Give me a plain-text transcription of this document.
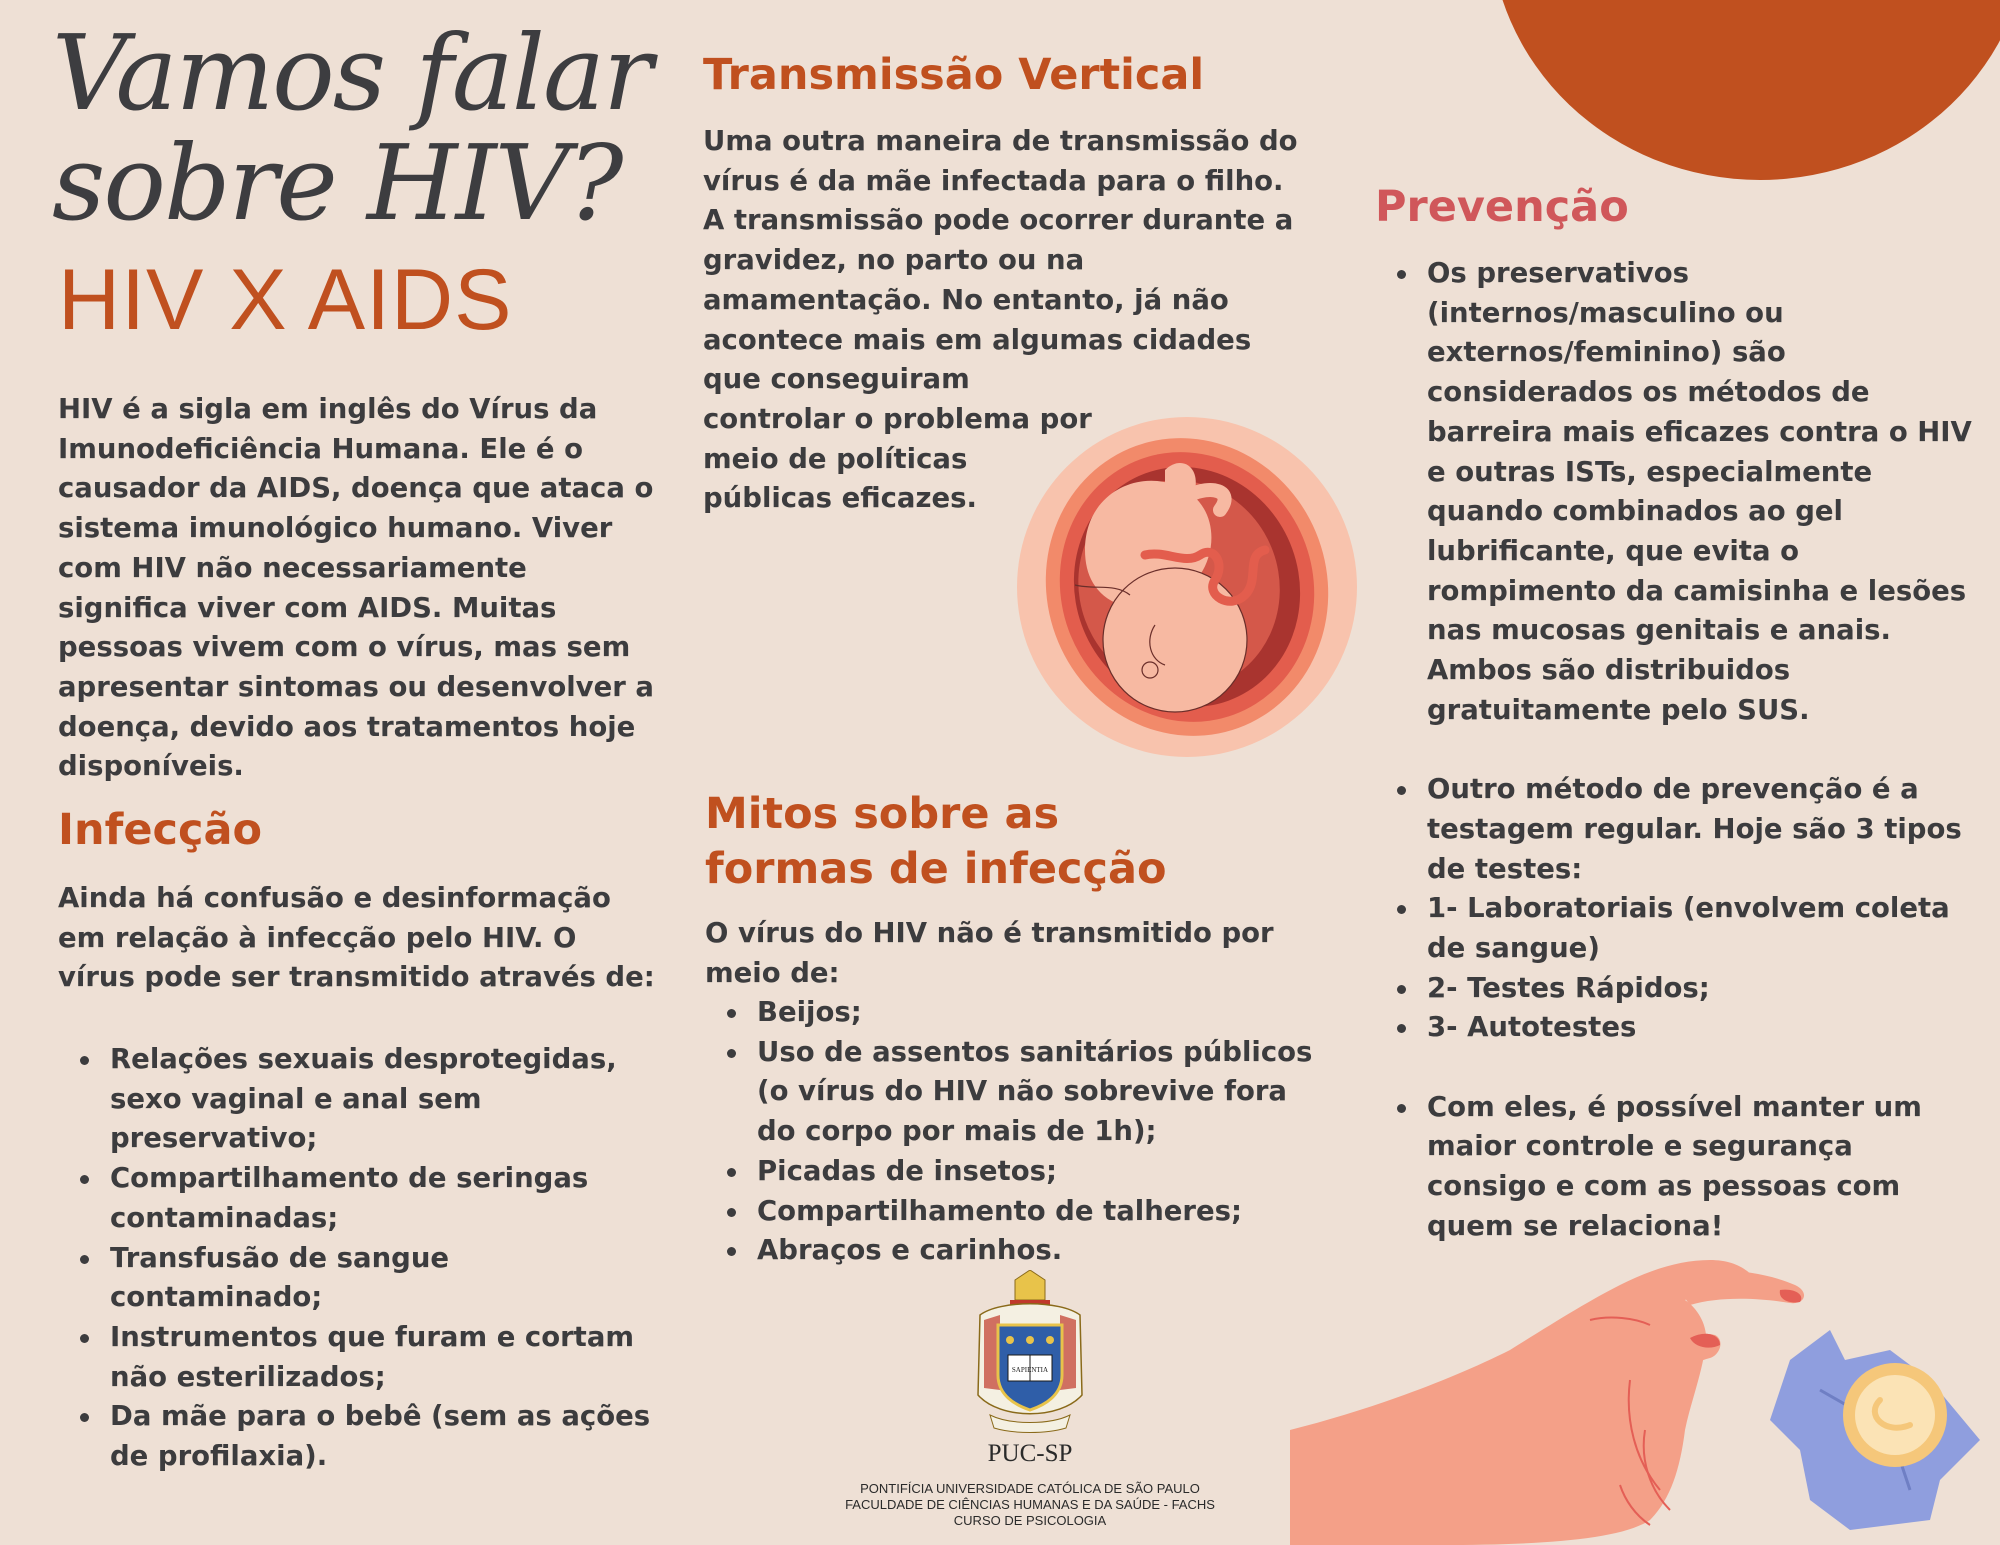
Vamos falar
sobre HIV?
HIV X AIDS

HIV é a sigla em inglês do Vírus da
Imunodeficiência Humana. Ele é o
causador da AIDS, doença que ataca o
sistema imunológico humano. Viver
com HIV não necessariamente
significa viver com AIDS. Muitas
pessoas vivem com o vírus, mas sem
apresentar sintomas ou desenvolver a
doença, devido aos tratamentos hoje
disponíveis.

Infecção

Ainda há confusão e desinformação
em relação à infecção pelo HIV. O
vírus pode ser transmitido através de:

Relações sexuais desprotegidas, sexo vaginal e anal sem preservativo;
Compartilhamento de seringas contaminadas;
Transfusão de sangue contaminado;
Instrumentos que furam e cortam não esterilizados;
Da mãe para o bebê (sem as ações de profilaxia).
Transmissão Vertical

Uma outra maneira de transmissão do
vírus é da mãe infectada para o filho.
A transmissão pode ocorrer durante a
gravidez, no parto ou na
amamentação. No entanto, já não
acontece mais em algumas cidades
que conseguiram
controlar o problema por
meio de políticas
públicas eficazes.

Mitos sobre as
formas de infecção

O vírus do HIV não é transmitido por
meio de:

Beijos;
Uso de assentos sanitários públicos (o vírus do HIV não sobrevive fora do corpo por mais de 1h);
Picadas de insetos;
Compartilhamento de talheres;
Abraços e carinhos.
Prevenção
Os preservativos (internos/masculino ou externos/feminino) são considerados os métodos de barreira mais eficazes contra o HIV e outras ISTs, especialmente quando combinados ao gel lubrificante, que evita o rompimento da camisinha e lesões nas mucosas genitais e anais. Ambos são distribuidos gratuitamente pelo SUS.
Outro método de prevenção é a testagem regular. Hoje são 3 tipos de testes:
1- Laboratoriais (envolvem coleta de sangue)
2- Testes Rápidos;
3- Autotestes
Com eles, é possível manter um maior controle e segurança consigo e com as pessoas com quem se relaciona!
SAPIENTIA
PUC-SP
PONTIFÍCIA UNIVERSIDADE CATÓLICA DE SÃO PAULO
FACULDADE DE CIÊNCIAS HUMANAS E DA SAÚDE - FACHS
CURSO DE PSICOLOGIA
